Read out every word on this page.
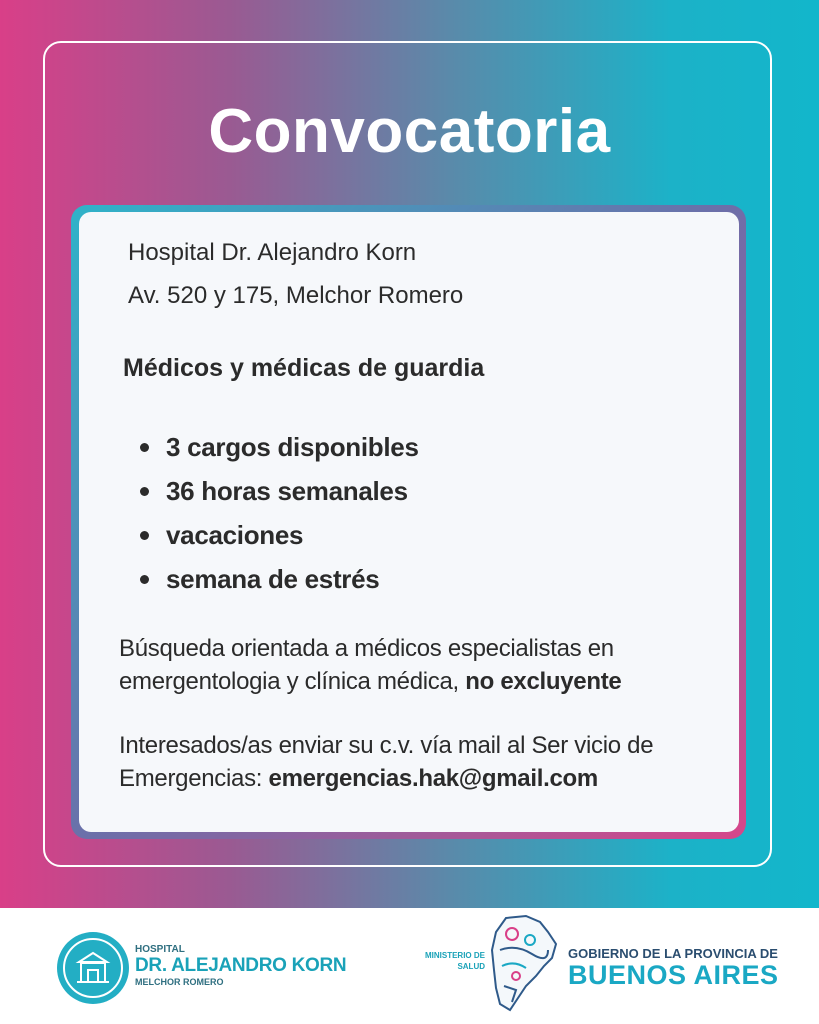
Convocatoria
Hospital Dr. Alejandro Korn
Av. 520 y 175, Melchor Romero
Médicos y médicas de guardia
3 cargos disponibles
36 horas semanales
vacaciones
semana de estrés
Búsqueda orientada a médicos especialistas en emergentologia y clínica médica, no excluyente
Interesados/as enviar su c.v. vía mail al Ser vicio de Emergencias: emergencias.hak@gmail.com
HOSPITAL
DR. ALEJANDRO KORN
MELCHOR ROMERO
MINISTERIO DE SALUD
GOBIERNO DE LA PROVINCIA DE
BUENOS AIRES
